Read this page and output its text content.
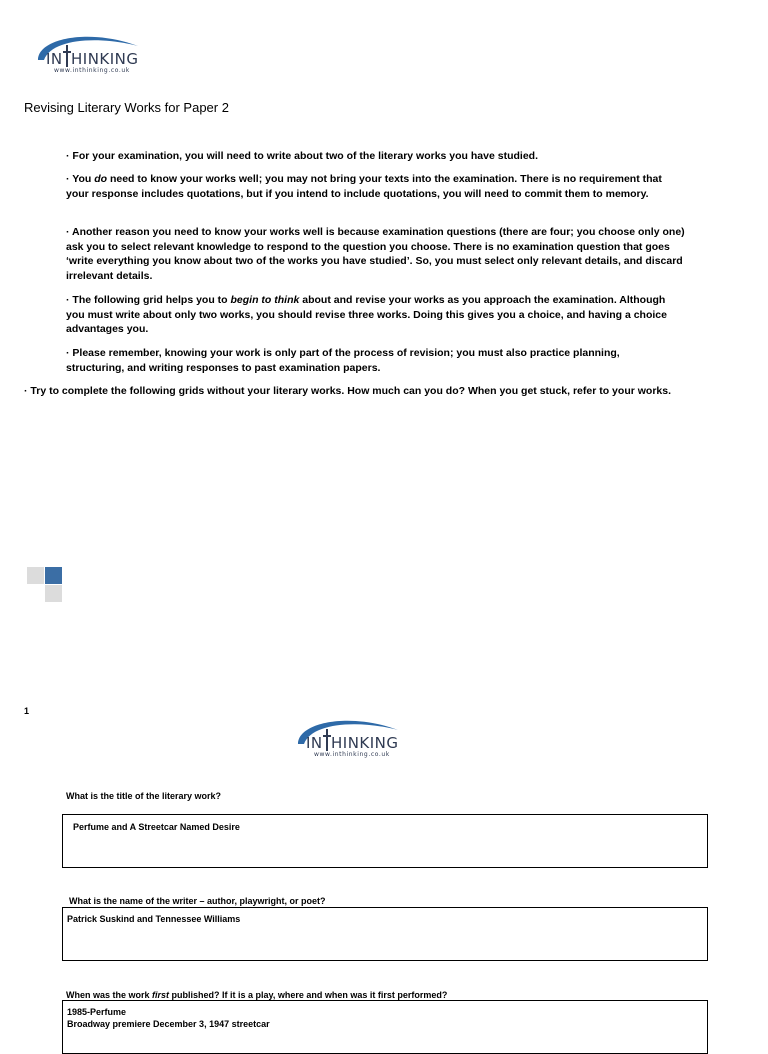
IN HINKING
www.inthinking.co.uk
Revising Literary Works for Paper 2
· For your examination, you will need to write about two of the literary works you have studied.
· You do need to know your works well; you may not bring your texts into the examination. There is no requirement that your response includes quotations, but if you intend to include quotations, you will need to commit them to memory.
· Another reason you need to know your works well is because examination questions (there are four; you choose only one) ask you to select relevant knowledge to respond to the question you choose. There is no examination question that goes ‘write everything you know about two of the works you have studied’. So, you must select only relevant details, and discard irrelevant details.
· The following grid helps you to begin to think about and revise your works as you approach the examination. Although you must write about only two works, you should revise three works. Doing this gives you a choice, and having a choice advantages you.
· Please remember, knowing your work is only part of the process of revision; you must also practice planning, structuring, and writing responses to past examination papers.
· Try to complete the following grids without your literary works. How much can you do? When you get stuck, refer to your works.
1
IN HINKING
www.inthinking.co.uk
What is the title of the literary work?
Perfume and A Streetcar Named Desire
What is the name of the writer – author, playwright, or poet?
Patrick Suskind and Tennessee Williams
When was the work first published? If it is a play, where and when was it first performed?
1985-Perfume
Broadway premiere December 3, 1947 streetcar
